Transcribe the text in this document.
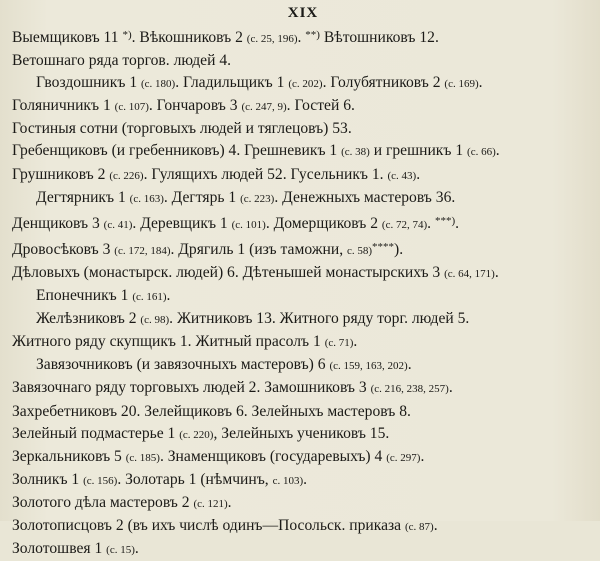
XIX
Выемщиковъ 11 *). Вѣкошниковъ 2 (с. 25, 196). **) Вѣтошниковъ 12.
Ветошнаго ряда торгов. людей 4.
Гвоздошникъ 1 (с. 180). Гладильщикъ 1 (с. 202). Голубятниковъ 2 (с. 169).
Голяничникъ 1 (с. 107). Гончаровъ 3 (с. 247, 9). Гостей 6.
Гостиныя сотни (торговыхъ людей и тяглецовъ) 53.
Гребенщиковъ (и гребенниковъ) 4. Грешневикъ 1 (с. 38) и грешникъ 1 (с. 66).
Грушниковъ 2 (с. 226). Гулящихъ людей 52. Гусельникъ 1. (с. 43).
Дегтярникъ 1 (с. 163). Дегтярь 1 (с. 223). Денежныхъ мастеровъ 36.
Денщиковъ 3 (с. 41). Деревщикъ 1 (с. 101). Домерщиковъ 2 (с. 72, 74). ***).
Дровосѣковъ 3 (с. 172, 184). Дрягиль 1 (изъ таможни, с. 58)****).
Дѣловыхъ (монастырск. людей) 6. Дѣтенышей монастырскихъ 3 (с. 64, 171).
Епонечникъ 1 (с. 161).
Желѣзниковъ 2 (с. 98). Житниковъ 13. Житного ряду торг. людей 5.
Житного ряду скупщикъ 1. Житный прасолъ 1 (с. 71).
Завязочниковъ (и завязочныхъ мастеровъ) 6 (с. 159, 163, 202).
Завязочнаго ряду торговыхъ людей 2. Замошниковъ 3 (с. 216, 238, 257).
Захребетниковъ 20. Зелейщиковъ 6. Зелейныхъ мастеровъ 8.
Зелейный подмастерье 1 (с. 220), Зелейныхъ учениковъ 15.
Зеркальниковъ 5 (с. 185). Знаменщиковъ (государевыхъ) 4 (с. 297).
Золникъ 1 (с. 156). Золотарь 1 (нѣмчинъ, с. 103).
Золотого дѣла мастеровъ 2 (с. 121).
Золотописцовъ 2 (въ ихъ числѣ одинъ—Посольск. приказа (с. 87).
Золотошвея 1 (с. 15).
